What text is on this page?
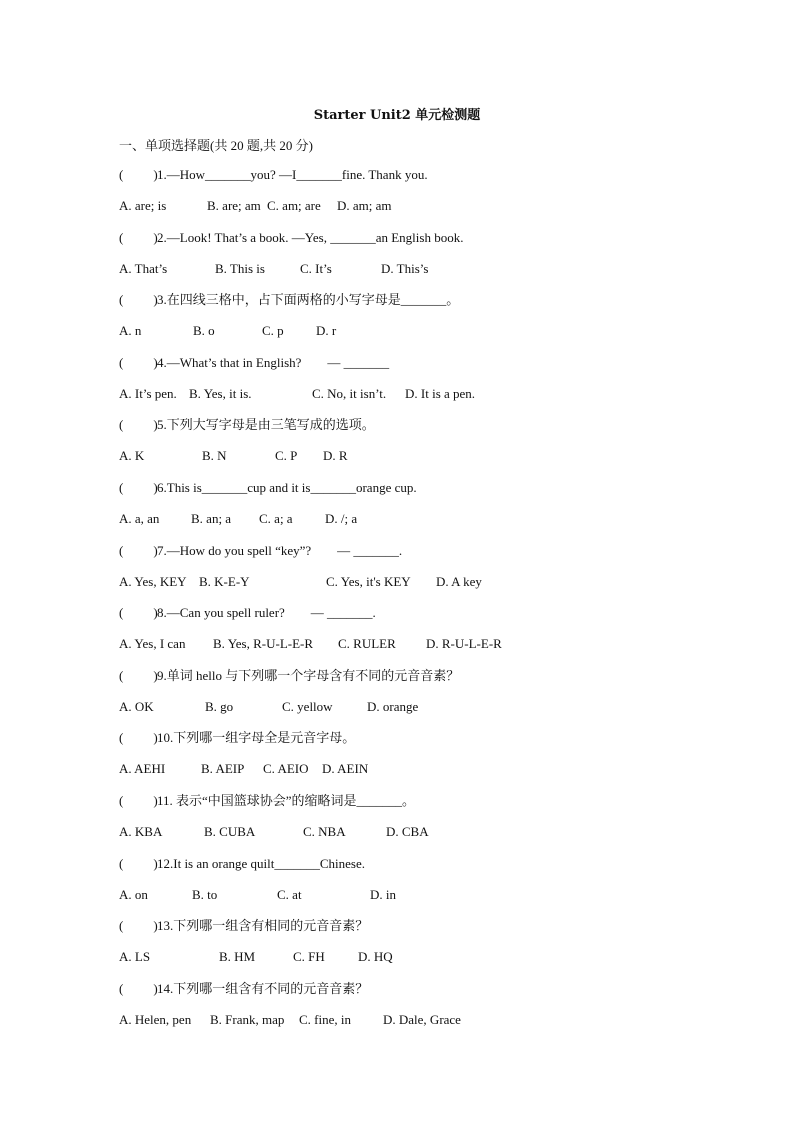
Starter Unit2 单元检测题
一、单项选择题(共 20 题,共 20 分)
( )1.—How_______you? —I_______fine. Thank you.
A. are; is	B. are; am C. am; are D. am; am
( )2.—Look! That’s a book. —Yes, _______an English book.
A. That’s	B. This is	C. It’s	D. This’s
( )3.在四线三格中，占下面两格的小写字母是_______。
A. n	B. o	C. p D. r
( )4.—What’s that in English?　　— _______
A. It’s pen. B. Yes, it is.	C. No, it isn’t. D. It is a pen.
( )5.下列大写字母是由三笔写成的选项。
A. K	B. N	C. P D. R
( )6.This is_______cup and it is_______orange cup.
A. a, an B. an; a C. a; a D. /; a
( )7.—How do you spell “key”?　　— _______.
A. Yes, KEY B. K-E-Y	C. Yes, it's KEY D. A key
( )8.—Can you spell ruler?　　— _______.
A. Yes, I can B. Yes, R-U-L-E-R C. RULER D. R-U-L-E-R
( )9.单词 hello 与下列哪一个字母含有不同的元音音素？
A. OK	B. go	C. yellow	D. orange
( )10.下列哪一组字母全是元音字母。
A. AEHI	B. AEIP C. AEIO D. AEIN
( )11. 表示“中国篮球协会”的缩略词是_______。
A. KBA	B. CUBA	C. NBA	D. CBA
( )12.It is an orange quilt_______Chinese.
A. on	B. to	C. at	D. in
( )13.下列哪一组含有相同的元音音素？
A. LS	B. HM	C. FH	D. HQ
( )14.下列哪一组含有不同的元音音素？
A. Helen, pen B. Frank, map C. fine, in D. Dale, Grace
